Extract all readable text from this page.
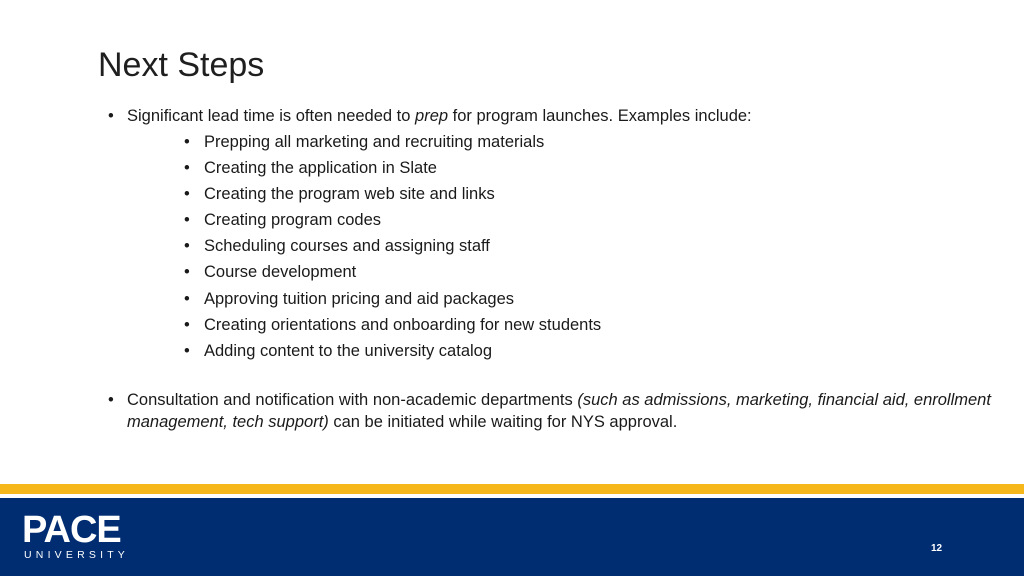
Next Steps
• Significant lead time is often needed to prep for program launches. Examples include:
• Prepping all marketing and recruiting materials
• Creating the application in Slate
• Creating the program web site and links
• Creating program codes
• Scheduling courses and assigning staff
• Course development
• Approving tuition pricing and aid packages
• Creating orientations and onboarding for new students
• Adding content to the university catalog
• Consultation and notification with non-academic departments (such as admissions, marketing, financial aid, enrollment management, tech support) can be initiated while waiting for NYS approval.
PACE
UNIVERSITY
12
